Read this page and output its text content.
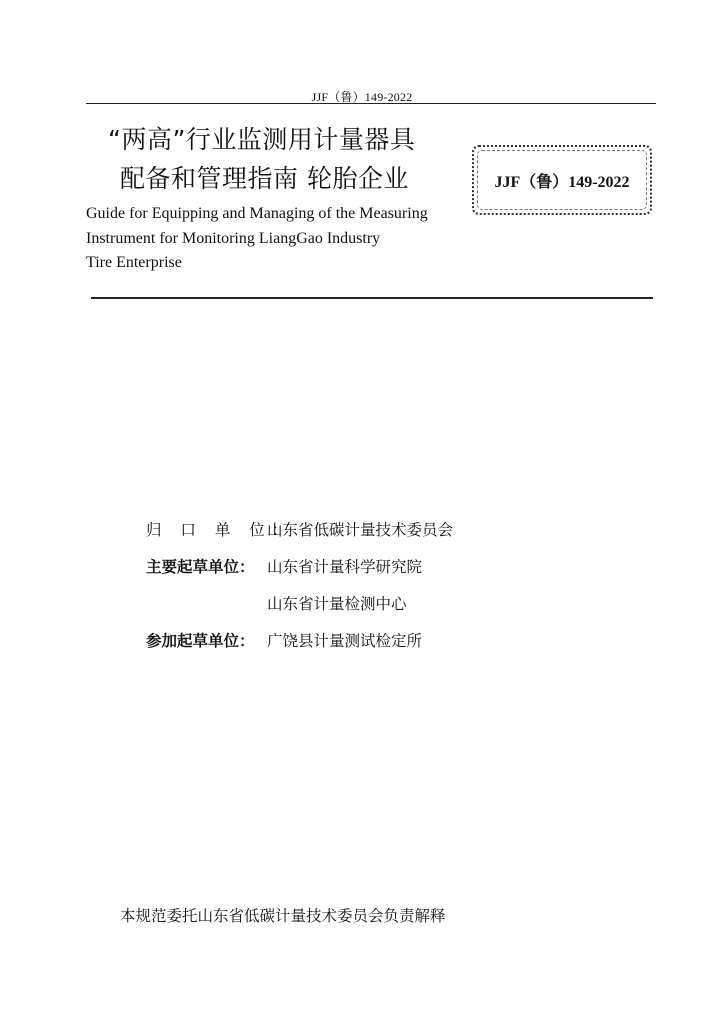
JJF（鲁）149-2022
“两高”行业监测用计量器具
配备和管理指南 轮胎企业	JJF（鲁）149-2022
Guide for Equipping and Managing of the Measuring
Instrument for Monitoring LiangGao Industry
Tire Enterprise
归 口 单 位：
山东省低碳计量技术委员会
主要起草单位： 山东省计量科学研究院
山东省计量检测中心
参加起草单位： 广饶县计量测试检定所
本规范委托山东省低碳计量技术委员会负责解释
